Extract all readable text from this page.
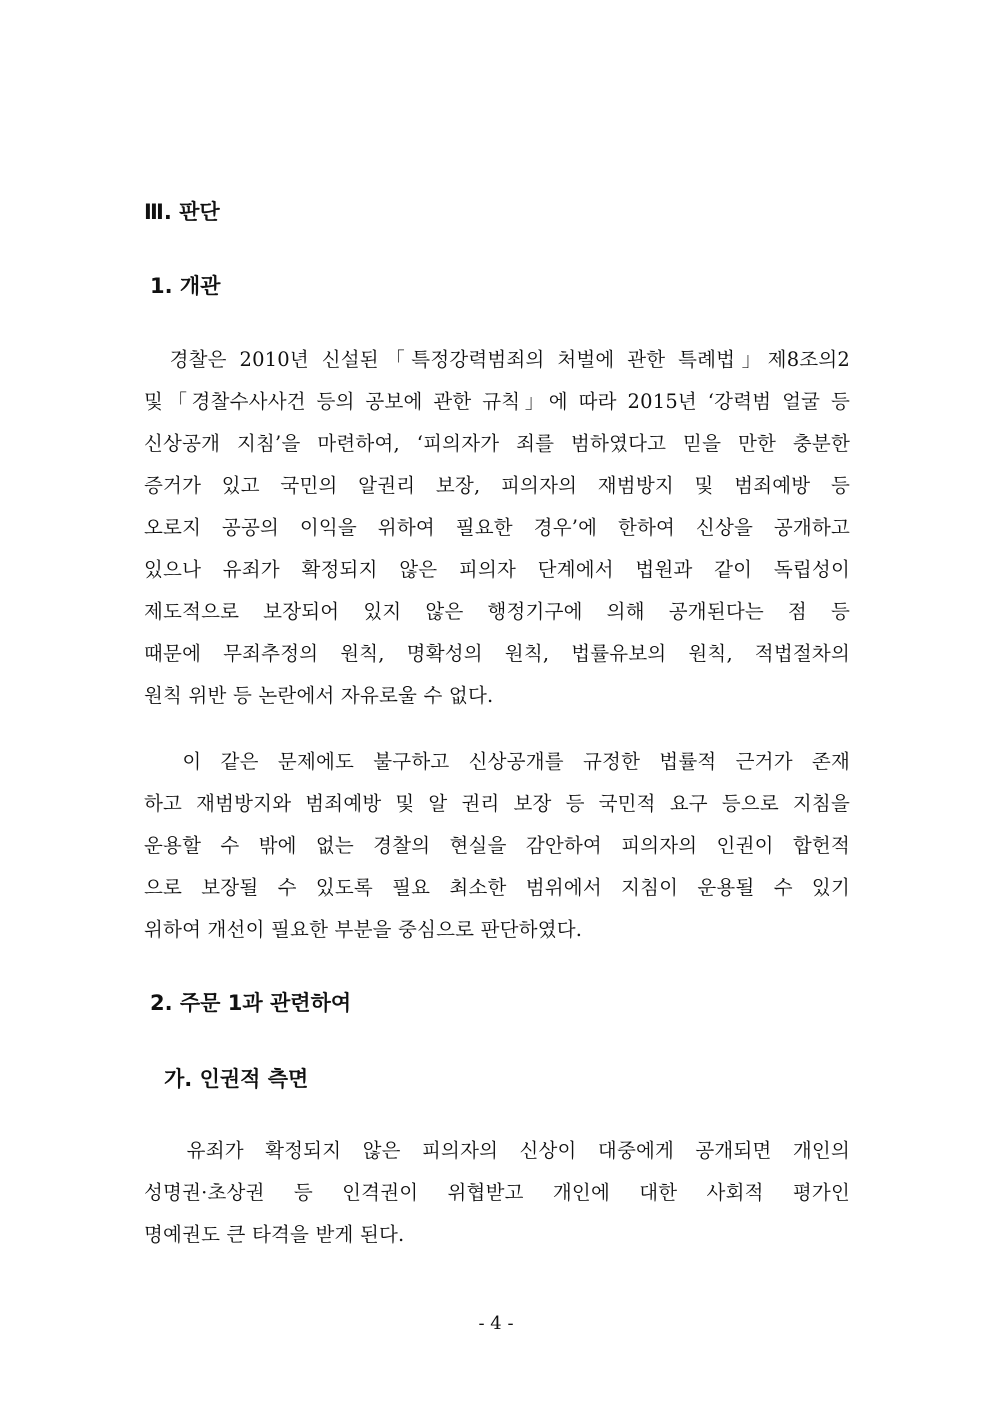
Ⅲ. 판단
1. 개관

경찰은 2010년 신설된「특정강력범죄의 처벌에 관한 특례법」제8조의2
및「경찰수사사건 등의 공보에 관한 규칙」에 따라 2015년 ‘강력범 얼굴 등
신상공개 지침’을 마련하여, ‘피의자가 죄를 범하였다고 믿을 만한 충분한
증거가 있고 국민의 알권리 보장, 피의자의 재범방지 및 범죄예방 등
오로지 공공의 이익을 위하여 필요한 경우’에 한하여 신상을 공개하고
있으나 유죄가 확정되지 않은 피의자 단계에서 법원과 같이 독립성이
제도적으로 보장되어 있지 않은 행정기구에 의해 공개된다는 점 등
때문에 무죄추정의 원칙, 명확성의 원칙, 법률유보의 원칙, 적법절차의
원칙 위반 등 논란에서 자유로울 수 없다.

이 같은 문제에도 불구하고 신상공개를 규정한 법률적 근거가 존재
하고 재범방지와 범죄예방 및 알 권리 보장 등 국민적 요구 등으로 지침을
운용할 수 밖에 없는 경찰의 현실을 감안하여 피의자의 인권이 합헌적
으로 보장될 수 있도록 필요 최소한 범위에서 지침이 운용될 수 있기
위하여 개선이 필요한 부분을 중심으로 판단하였다.

2. 주문 1과 관련하여
가. 인권적 측면

유죄가 확정되지 않은 피의자의 신상이 대중에게 공개되면 개인의
성명권·초상권 등 인격권이 위협받고 개인에 대한 사회적 평가인
명예권도 큰 타격을 받게 된다.

- 4 -
